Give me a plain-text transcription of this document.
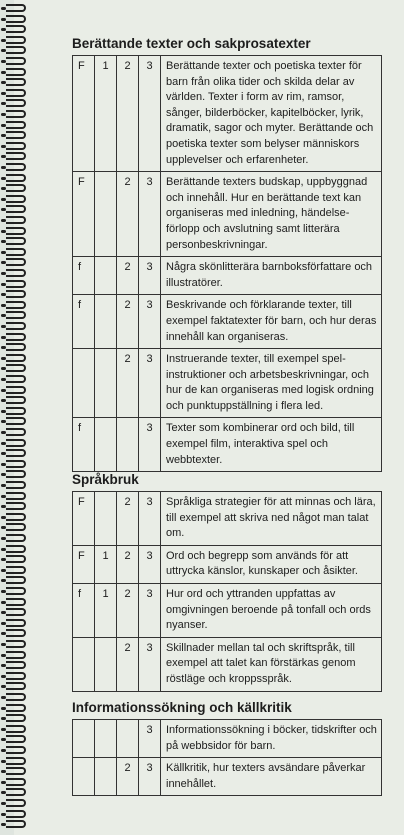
Berättande texter och sakprosatexter
F	1	2	3	Berättande texter och poetiska texter för barn från olika tider och skilda delar av världen. Texter i form av rim, ramsor, sånger, bilderböcker, kapitelböcker, lyrik, dramatik, sagor och myter. Berättande och poetiska texter som belyser människors upplevelser och erfarenheter.
F		2	3	Berättande texters budskap, uppbyggnad och innehåll. Hur en berättande text kan organiseras med inledning, händelseförlopp och avslutning samt litterära personbeskrivningar.
f		2	3	Några skönlitterära barnboksförfattare och illustratörer.
f		2	3	Beskrivande och förklarande texter, till exempel faktatexter för barn, och hur deras innehåll kan organiseras.
		2	3	Instruerande texter, till exempel spelinstruktioner och arbetsbeskrivningar, och hur de kan organiseras med logisk ordning och punktuppställning i flera led.
f			3	Texter som kombinerar ord och bild, till exempel film, interaktiva spel och webbtexter.
Språkbruk
F		2	3	Språkliga strategier för att minnas och lära, till exempel att skriva ned något man talat om.
F	1	2	3	Ord och begrepp som används för att uttrycka känslor, kunskaper och åsikter.
f	1	2	3	Hur ord och yttranden uppfattas av omgivningen beroende på tonfall och ords nyanser.
		2	3	Skillnader mellan tal och skriftspråk, till exempel att talet kan förstärkas genom röstläge och kroppsspråk.
Informationssökning och källkritik
			3	Informationssökning i böcker, tidskrifter och på webbsidor för barn.
		2	3	Källkritik, hur texters avsändare påverkar innehållet.
